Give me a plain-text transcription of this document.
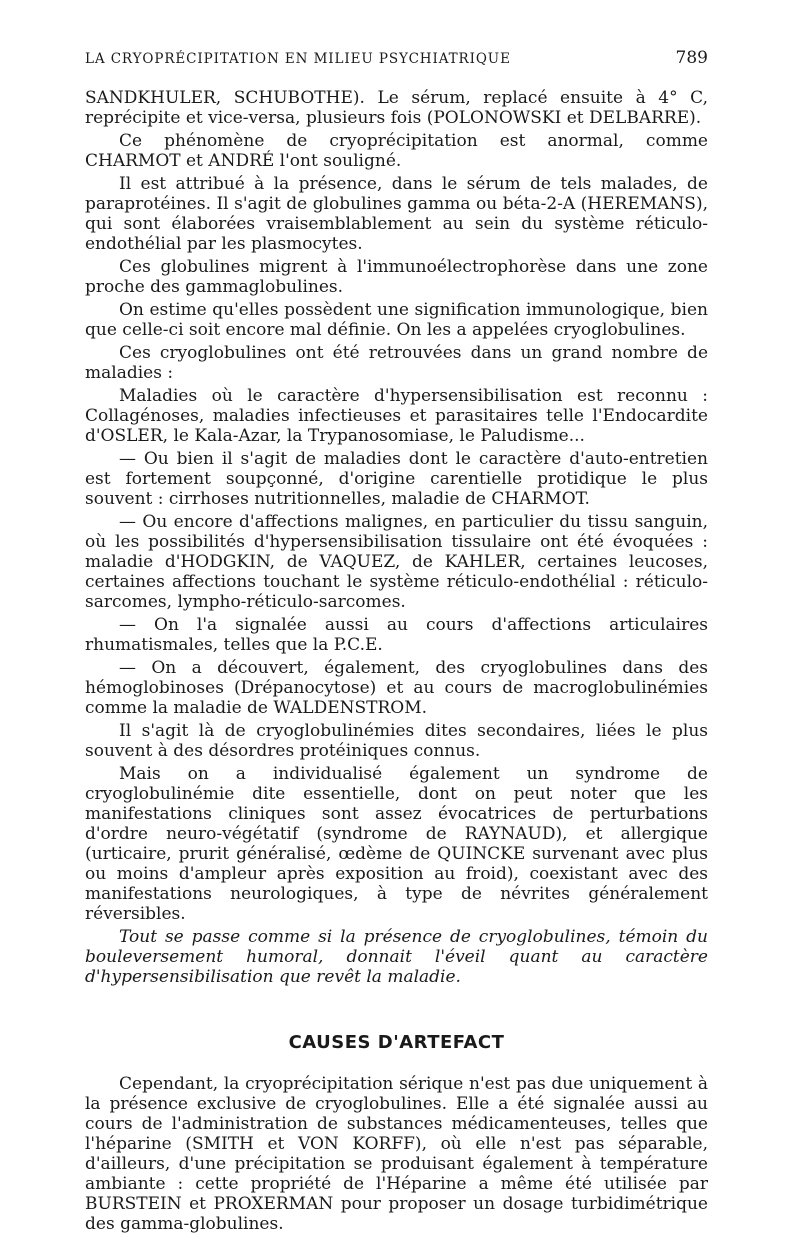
LA CRYOPRÉCIPITATION EN MILIEU PSYCHIATRIQUE	789

SANDKHULER, SCHUBOTHE). Le sérum, replacé ensuite à 4° C, reprécipite et vice-versa, plusieurs fois (POLONOWSKI et DELBARRE).

Ce phénomène de cryoprécipitation est anormal, comme CHARMOT et ANDRÉ l'ont souligné.

Il est attribué à la présence, dans le sérum de tels malades, de paraprotéines. Il s'agit de globulines gamma ou béta-2-A (HEREMANS), qui sont élaborées vraisemblablement au sein du système réticulo-endothélial par les plasmocytes.

Ces globulines migrent à l'immunoélectrophorèse dans une zone proche des gammaglobulines.

On estime qu'elles possèdent une signification immunologique, bien que celle-ci soit encore mal définie. On les a appelées cryoglobulines.

Ces cryoglobulines ont été retrouvées dans un grand nombre de maladies :

Maladies où le caractère d'hypersensibilisation est reconnu : Collagénoses, maladies infectieuses et parasitaires telle l'Endocardite d'OSLER, le Kala-Azar, la Trypanosomiase, le Paludisme...

— Ou bien il s'agit de maladies dont le caractère d'auto-entretien est fortement soupçonné, d'origine carentielle protidique le plus souvent : cirrhoses nutritionnelles, maladie de CHARMOT.

— Ou encore d'affections malignes, en particulier du tissu sanguin, où les possibilités d'hypersensibilisation tissulaire ont été évoquées : maladie d'HODGKIN, de VAQUEZ, de KAHLER, certaines leucoses, certaines affections touchant le système réticulo-endothélial : réticulo-sarcomes, lympho-réticulo-sarcomes.

— On l'a signalée aussi au cours d'affections articulaires rhumatismales, telles que la P.C.E.

— On a découvert, également, des cryoglobulines dans des hémoglobinoses (Drépanocytose) et au cours de macroglobulinémies comme la maladie de WALDENSTROM.

Il s'agit là de cryoglobulinémies dites secondaires, liées le plus souvent à des désordres protéiniques connus.

Mais on a individualisé également un syndrome de cryoglobulinémie dite essentielle, dont on peut noter que les manifestations cliniques sont assez évocatrices de perturbations d'ordre neuro-végétatif (syndrome de RAYNAUD), et allergique (urticaire, prurit généralisé, œdème de QUINCKE survenant avec plus ou moins d'ampleur après exposition au froid), coexistant avec des manifestations neurologiques, à type de névrites généralement réversibles.

Tout se passe comme si la présence de cryoglobulines, témoin du bouleversement humoral, donnait l'éveil quant au caractère d'hypersensibilisation que revêt la maladie.

CAUSES D'ARTEFACT

Cependant, la cryoprécipitation sérique n'est pas due uniquement à la présence exclusive de cryoglobulines. Elle a été signalée aussi au cours de l'administration de substances médicamenteuses, telles que l'héparine (SMITH et VON KORFF), où elle n'est pas séparable, d'ailleurs, d'une précipitation se produisant également à température ambiante : cette propriété de l'Héparine a même été utilisée par BURSTEIN et PROXERMAN pour proposer un dosage turbidimétrique des gamma-globulines.
